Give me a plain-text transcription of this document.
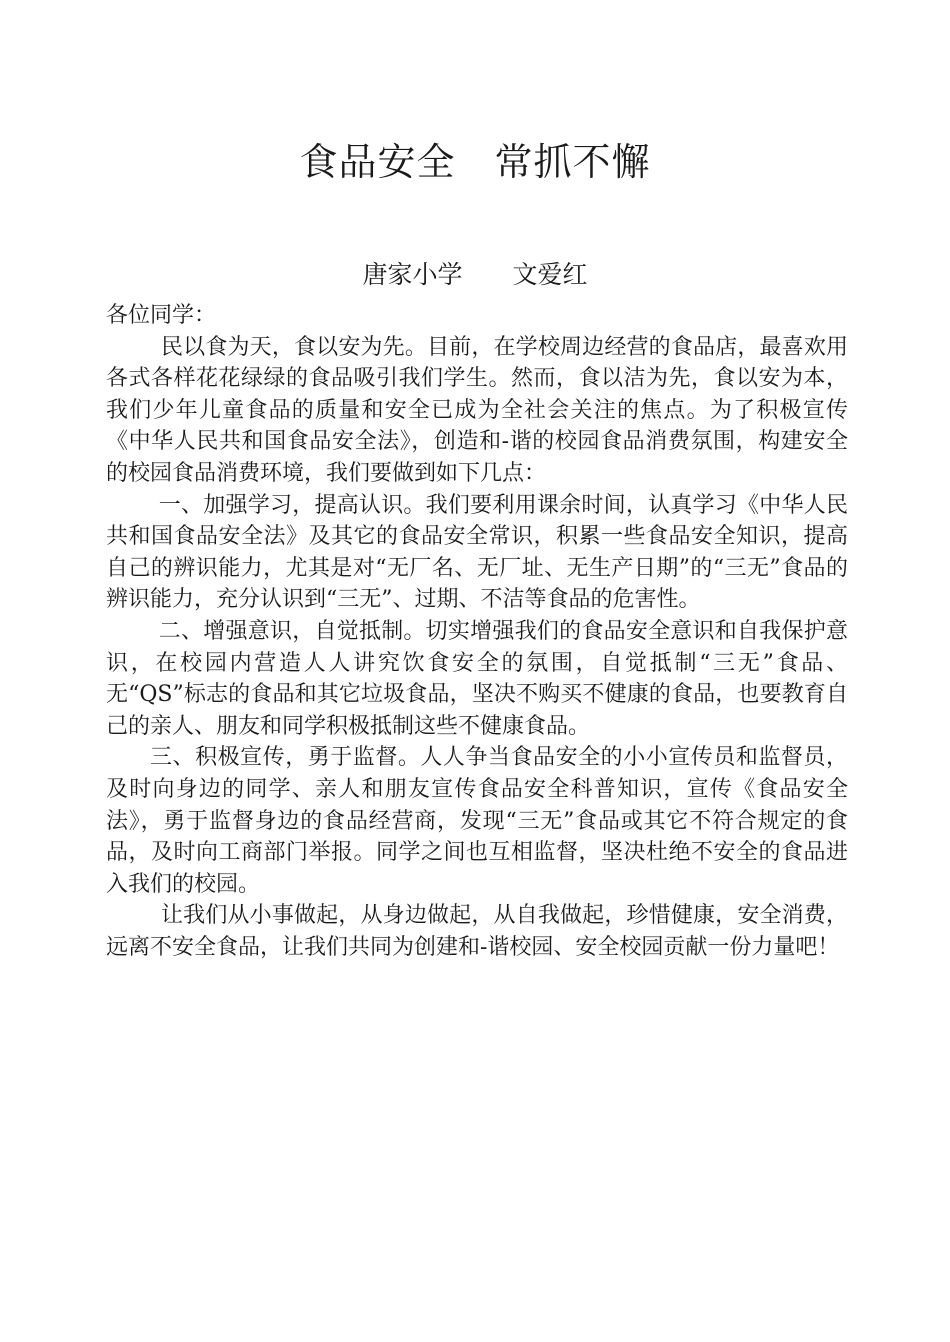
食品安全　常抓不懈
唐家小学　　文爱红

各位同学：

民以食为天，食以安为先。目前，在学校周边经营的食品店，最喜欢用各式各样花花绿绿的食品吸引我们学生。然而，食以洁为先，食以安为本，我们少年儿童食品的质量和安全已成为全社会关注的焦点。为了积极宣传《中华人民共和国食品安全法》，创造和-谐的校园食品消费氛围，构建安全的校园食品消费环境，我们要做到如下几点：

一、加强学习，提高认识。我们要利用课余时间，认真学习《中华人民共和国食品安全法》及其它的食品安全常识，积累一些食品安全知识，提高自己的辨识能力，尤其是对“无厂名、无厂址、无生产日期”的“三无”食品的辨识能力，充分认识到“三无”、过期、不洁等食品的危害性。

二、增强意识，自觉抵制。切实增强我们的食品安全意识和自我保护意识，在校园内营造人人讲究饮食安全的氛围，自觉抵制“三无”食品、无“QS”标志的食品和其它垃圾食品，坚决不购买不健康的食品，也要教育自己的亲人、朋友和同学积极抵制这些不健康食品。

三、积极宣传，勇于监督。人人争当食品安全的小小宣传员和监督员，及时向身边的同学、亲人和朋友宣传食品安全科普知识，宣传《食品安全法》，勇于监督身边的食品经营商，发现“三无”食品或其它不符合规定的食品，及时向工商部门举报。同学之间也互相监督，坚决杜绝不安全的食品进入我们的校园。

让我们从小事做起，从身边做起，从自我做起，珍惜健康，安全消费，远离不安全食品，让我们共同为创建和-谐校园、安全校园贡献一份力量吧！
